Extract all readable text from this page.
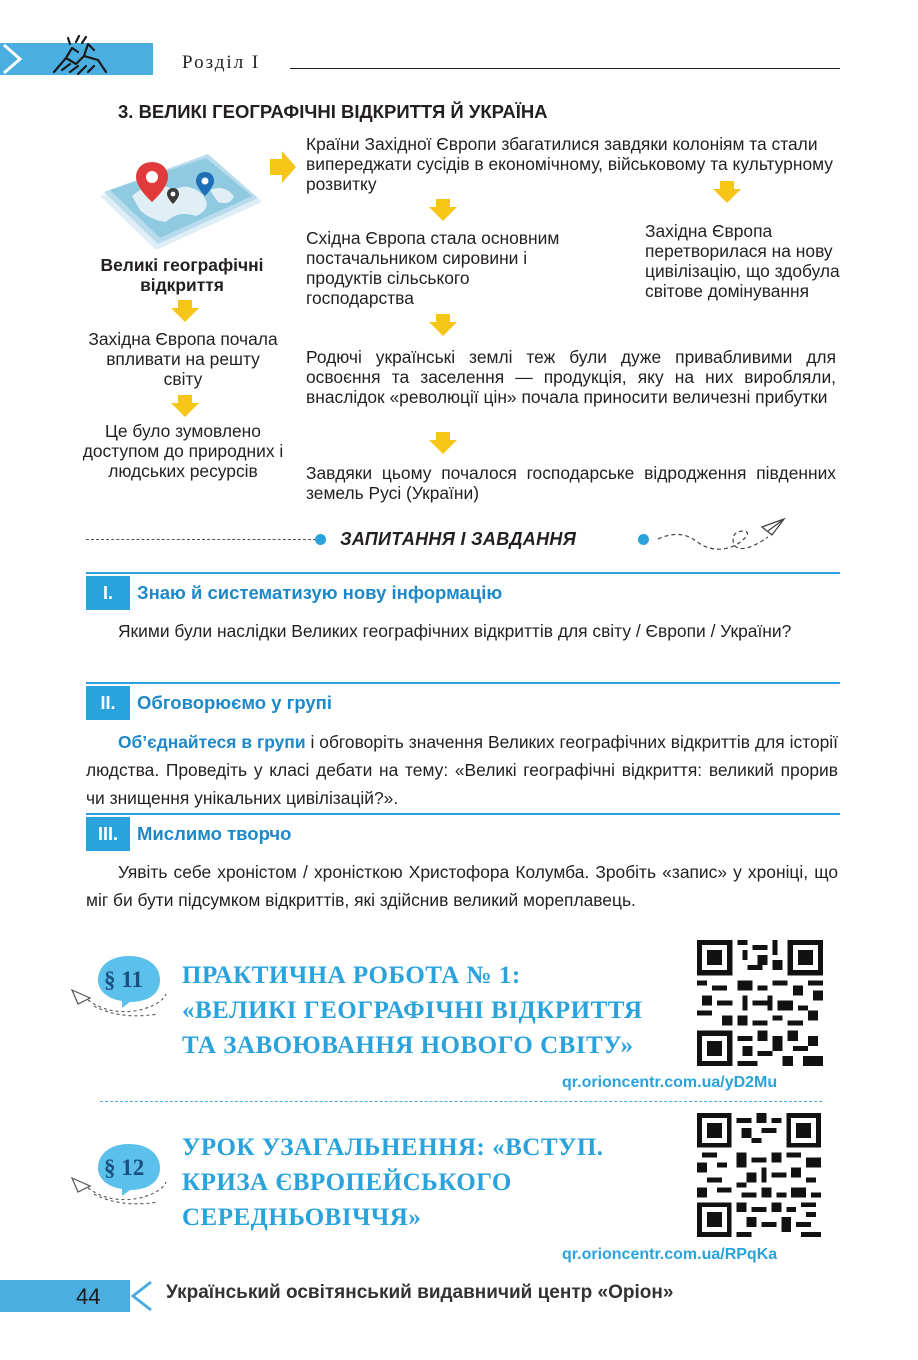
Розділ I
3. ВЕЛИКІ ГЕОГРАФІЧНІ ВІДКРИТТЯ Й УКРАЇНА
Великі географічні відкриття
Західна Європа почала впливати на решту світу
Це було зумовлено доступом до природних і людських ресурсів
Країни Західної Європи збагатилися завдяки колоніям та стали випереджати сусідів в економічному, військовому та культурному розвитку
Східна Європа стала основним постачальником сировини і продуктів сільського господарства
Західна Європа перетворилася на нову цивілізацію, що здобула світове домінування
Родючі українські землі теж були дуже привабливими для освоєння та заселення — продукція, яку на них виробляли, внаслідок «революції цін» почала приносити величезні прибутки
Завдяки цьому почалося господарське відродження південних земель Русі (України)
ЗАПИТАННЯ І ЗАВДАННЯ
I.	Знаю й систематизую нову інформацію
Якими були наслідки Великих географічних відкриттів для світу / Європи / України?
II.	Обговорюємо у групі
Об’єднайтеся в групи і обговоріть значення Великих географічних відкриттів для історії людства. Проведіть у класі дебати на тему: «Великі географічні відкриття: великий прорив чи знищення унікальних цивілізацій?».
III.	Мислимо творчо
Уявіть себе хроністом / хроністкою Христофора Колумба. Зробіть «запис» у хроніці, що міг би бути підсумком відкриттів, які здійснив великий мореплавець.
§ 11 ПРАКТИЧНА РОБОТА № 1:
«ВЕЛИКІ ГЕОГРАФІЧНІ ВІДКРИТТЯ
ТА ЗАВОЮВАННЯ НОВОГО СВІТУ»
qr.orioncentr.com.ua/yD2Mu
§ 12
УРОК УЗАГАЛЬНЕННЯ: «ВСТУП.
КРИЗА ЄВРОПЕЙСЬКОГО
СЕРЕДНЬОВІЧЧЯ»
qr.orioncentr.com.ua/RPqKa
44	Український освітянський видавничий центр «Оріон»
